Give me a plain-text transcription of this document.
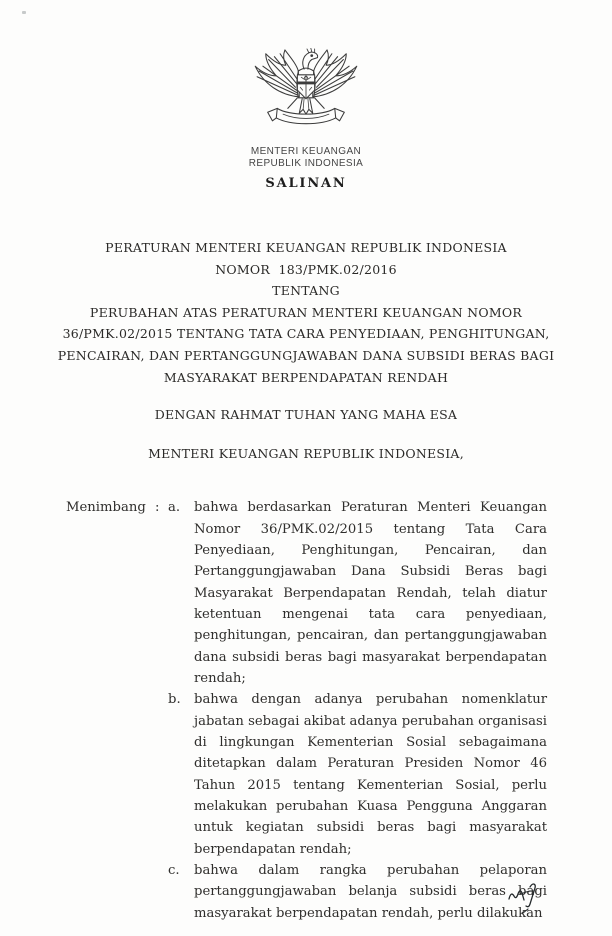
MENTERI KEUANGAN
REPUBLIK INDONESIA
SALINAN
PERATURAN MENTERI KEUANGAN REPUBLIK INDONESIA
NOMOR  183/PMK.02/2016
TENTANG
PERUBAHAN ATAS PERATURAN MENTERI KEUANGAN NOMOR
36/PMK.02/2015 TENTANG TATA CARA PENYEDIAAN, PENGHITUNGAN,
PENCAIRAN, DAN PERTANGGUNGJAWABAN DANA SUBSIDI BERAS BAGI
MASYARAKAT BERPENDAPATAN RENDAH
DENGAN RAHMAT TUHAN YANG MAHA ESA
MENTERI KEUANGAN REPUBLIK INDONESIA,
Menimbang : a.	bahwa berdasarkan Peraturan Menteri Keuangan Nomor 36/PMK.02/2015 tentang Tata Cara Penyediaan, Penghitungan, Pencairan, dan Pertanggungjawaban Dana Subsidi Beras bagi Masyarakat Berpendapatan Rendah, telah diatur ketentuan mengenai tata cara penyediaan, penghitungan, pencairan, dan pertanggungjawaban dana subsidi beras bagi masyarakat berpendapatan rendah;
b.	bahwa dengan adanya perubahan nomenklatur jabatan sebagai akibat adanya perubahan organisasi di lingkungan Kementerian Sosial sebagaimana ditetapkan dalam Peraturan Presiden Nomor 46 Tahun 2015 tentang Kementerian Sosial, perlu melakukan perubahan Kuasa Pengguna Anggaran untuk kegiatan subsidi beras bagi masyarakat berpendapatan rendah;
c.	bahwa dalam rangka perubahan pelaporan pertanggungjawaban belanja subsidi beras bagi masyarakat berpendapatan rendah, perlu dilakukan
